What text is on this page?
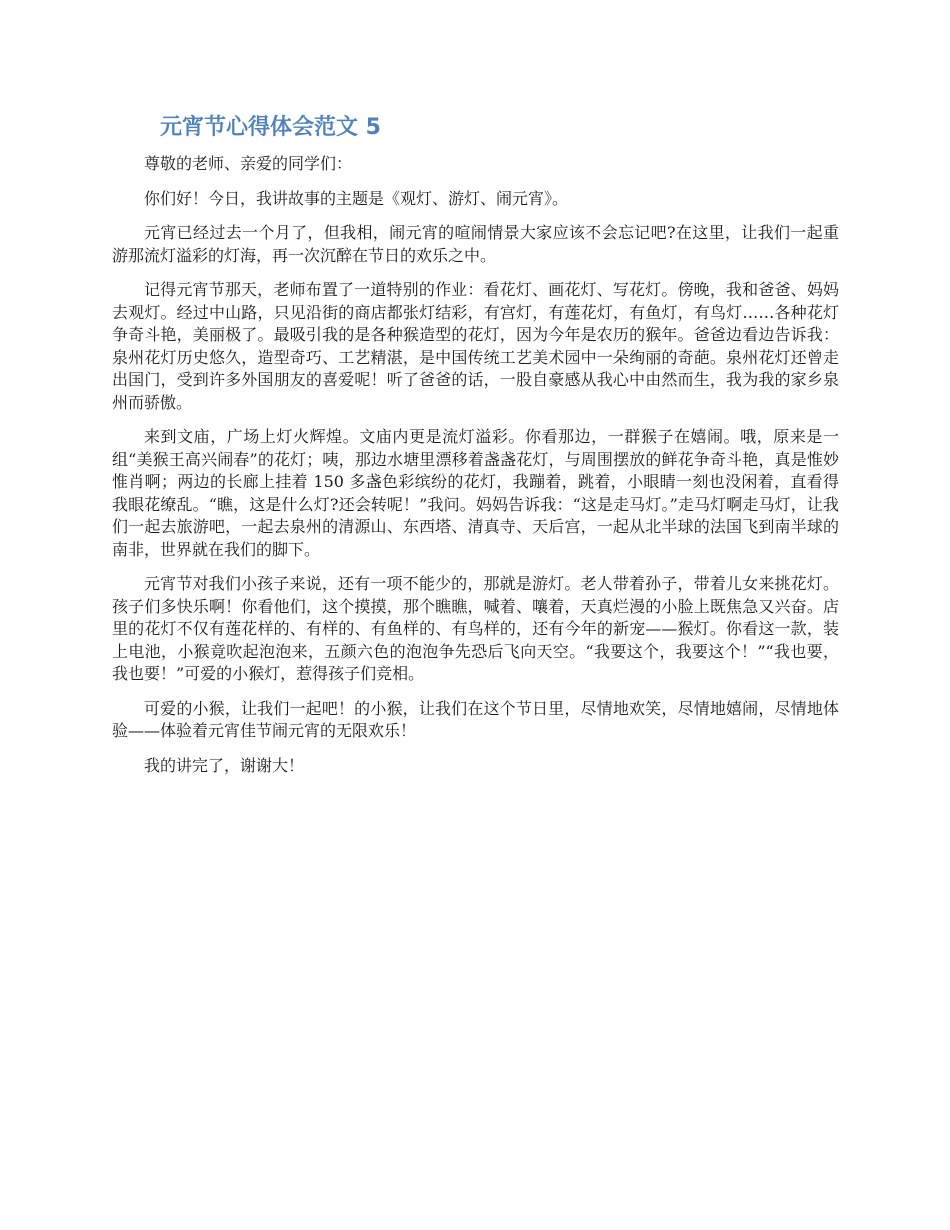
元宵节心得体会范文 5

尊敬的老师、亲爱的同学们：

你们好！今日，我讲故事的主题是《观灯、游灯、闹元宵》。

元宵已经过去一个月了，但我相，闹元宵的喧闹情景大家应该不会忘记吧?在这里，让我们一起重游那流灯溢彩的灯海，再一次沉醉在节日的欢乐之中。

记得元宵节那天，老师布置了一道特别的作业：看花灯、画花灯、写花灯。傍晚，我和爸爸、妈妈去观灯。经过中山路，只见沿街的商店都张灯结彩，有宫灯，有莲花灯，有鱼灯，有鸟灯……各种花灯争奇斗艳，美丽极了。最吸引我的是各种猴造型的花灯，因为今年是农历的猴年。爸爸边看边告诉我：泉州花灯历史悠久，造型奇巧、工艺精湛，是中国传统工艺美术园中一朵绚丽的奇葩。泉州花灯还曾走出国门，受到许多外国朋友的喜爱呢！听了爸爸的话，一股自豪感从我心中由然而生，我为我的家乡泉州而骄傲。

来到文庙，广场上灯火辉煌。文庙内更是流灯溢彩。你看那边，一群猴子在嬉闹。哦，原来是一组“美猴王高兴闹春”的花灯；咦，那边水塘里漂移着盏盏花灯，与周围摆放的鲜花争奇斗艳，真是惟妙惟肖啊；两边的长廊上挂着 150 多盏色彩缤纷的花灯，我蹦着，跳着，小眼睛一刻也没闲着，直看得我眼花缭乱。“瞧，这是什么灯?还会转呢！”我问。妈妈告诉我：“这是走马灯。”走马灯啊走马灯，让我们一起去旅游吧，一起去泉州的清源山、东西塔、清真寺、天后宫，一起从北半球的法国飞到南半球的南非，世界就在我们的脚下。

元宵节对我们小孩子来说，还有一项不能少的，那就是游灯。老人带着孙子，带着儿女来挑花灯。孩子们多快乐啊！你看他们，这个摸摸，那个瞧瞧，喊着、嚷着，天真烂漫的小脸上既焦急又兴奋。店里的花灯不仅有莲花样的、有样的、有鱼样的、有鸟样的，还有今年的新宠——猴灯。你看这一款，装上电池，小猴竟吹起泡泡来，五颜六色的泡泡争先恐后飞向天空。“我要这个，我要这个！”“我也要，我也要！”可爱的小猴灯，惹得孩子们竞相。

可爱的小猴，让我们一起吧！的小猴，让我们在这个节日里，尽情地欢笑，尽情地嬉闹，尽情地体验——体验着元宵佳节闹元宵的无限欢乐！

我的讲完了，谢谢大！
